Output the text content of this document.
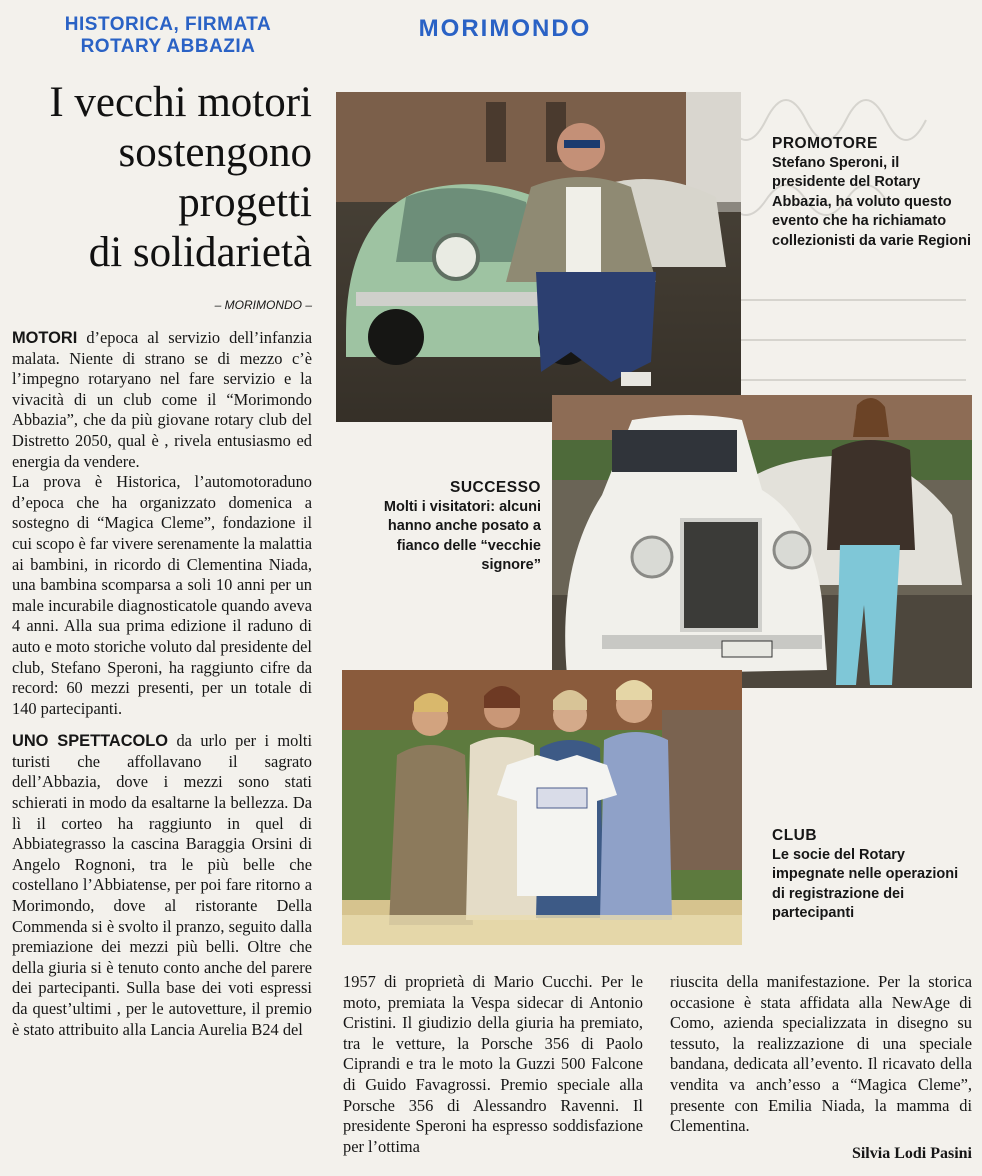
HISTORICA, FIRMATA
ROTARY ABBAZIA
MORIMONDO
I vecchi motori
sostengono
progetti
di solidarietà
– MORIMONDO –

MOTORI d’epoca al servizio dell’infanzia malata. Niente di strano se di mezzo c’è l’impegno rotaryano nel fare servizio e la vivacità di un club come il “Morimondo Abbazia”, che da più giovane rotary club del Distretto 2050, qual è , rivela entusiasmo ed energia da vendere.

La prova è Historica, l’automotoraduno d’epoca che ha organizzato domenica a sostegno di “Magica Cleme”, fondazione il cui scopo è far vivere serenamente la malattia ai bambini, in ricordo di Clementina Niada, una bambina scomparsa a soli 10 anni per un male incurabile diagnosticatole quando aveva 4 anni. Alla sua prima edizione il raduno di auto e moto storiche voluto dal presidente del club, Stefano Speroni, ha raggiunto cifre da record: 60 mezzi presenti, per un totale di 140 partecipanti.

UNO SPETTACOLO da urlo per i molti turisti che affollavano il sagrato dell’Abbazia, dove i mezzi sono stati schierati in modo da esaltarne la bellezza. Da lì il corteo ha raggiunto in quel di Abbiategrasso la cascina Baraggia Orsini di Angelo Rognoni, tra le più belle che costellano l’Abbiatense, per poi fare ritorno a Morimondo, dove al ristorante Della Commenda si è svolto il pranzo, seguito dalla premiazione dei mezzi più belli. Oltre che della giuria si è tenuto conto anche del parere dei partecipanti. Sulla base dei voti espressi da quest’ultimi , per le autovetture, il premio è stato attribuito alla Lancia Aurelia B24 del

1957 di proprietà di Mario Cucchi. Per le moto, premiata la Vespa sidecar di Antonio Cristini. Il giudizio della giuria ha premiato, tra le vetture, la Porsche 356 di Paolo Ciprandi e tra le moto la Guzzi 500 Falcone di Guido Favagrossi. Premio speciale alla Porsche 356 di Alessandro Ravenni. Il presidente Speroni ha espresso soddisfazione per l’ottima
riuscita della manifestazione. Per la storica occasione è stata affidata alla NewAge di Como, azienda specializzata in disegno su tessuto, la realizzazione di una speciale bandana, dedicata all’evento. Il ricavato della vendita va anch’esso a “Magica Cleme”, presente con Emilia Niada, la mamma di Clementina.
Silvia Lodi Pasini
PROMOTORE
Stefano Speroni, il presidente del Rotary Abbazia, ha voluto questo evento che ha richiamato collezionisti da varie Regioni
SUCCESSO
Molti i visitatori: alcuni hanno anche posato a fianco delle “vecchie signore”
CLUB
Le socie del Rotary impegnate nelle operazioni di registrazione dei partecipanti
